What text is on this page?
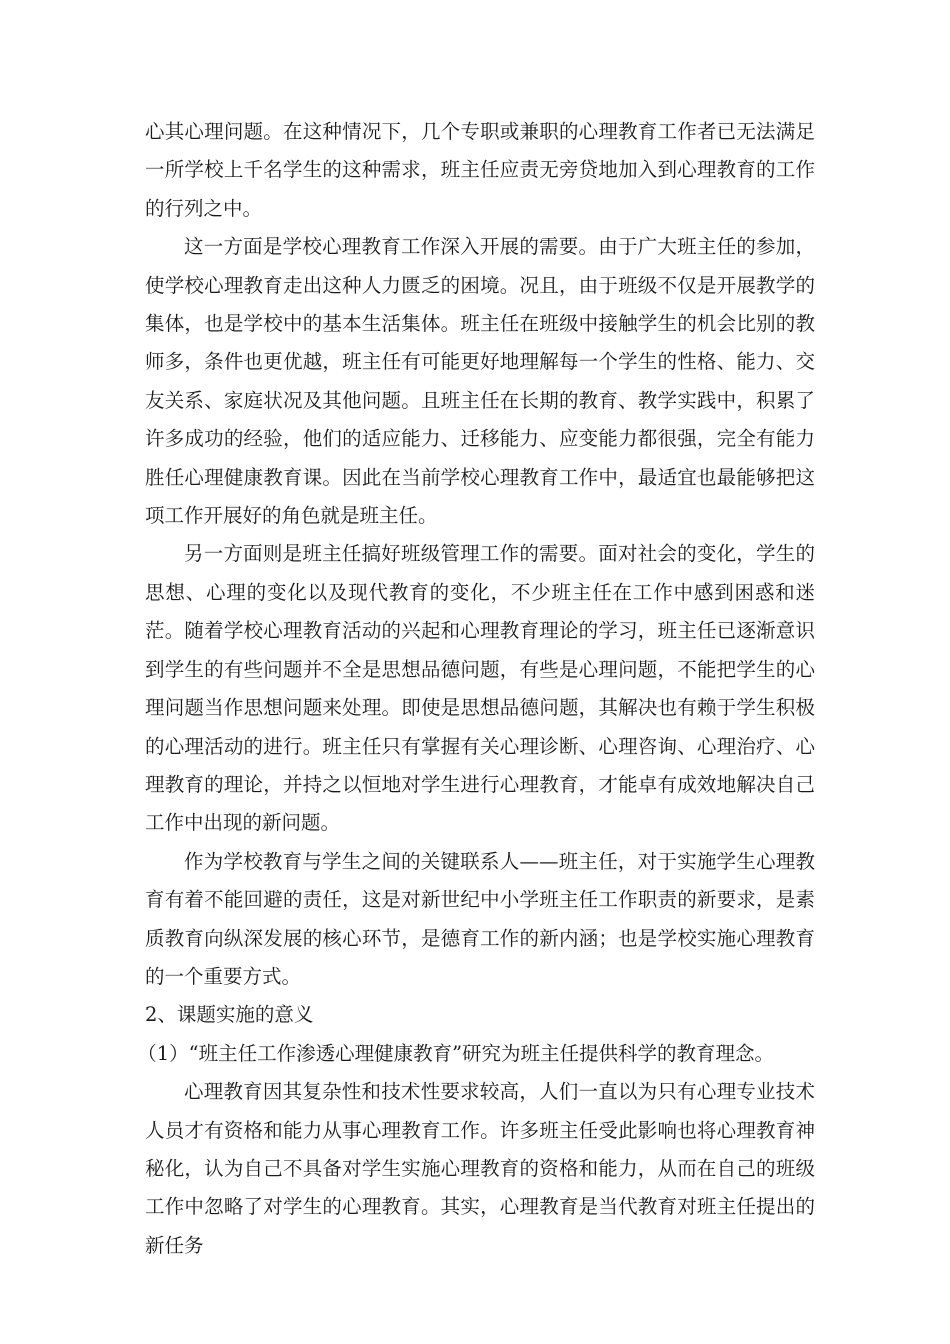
心其心理问题。在这种情况下，几个专职或兼职的心理教育工作者已无法满足一所学校上千名学生的这种需求，班主任应责无旁贷地加入到心理教育的工作的行列之中。

这一方面是学校心理教育工作深入开展的需要。由于广大班主任的参加，使学校心理教育走出这种人力匮乏的困境。况且，由于班级不仅是开展教学的集体，也是学校中的基本生活集体。班主任在班级中接触学生的机会比别的教师多，条件也更优越，班主任有可能更好地理解每一个学生的性格、能力、交友关系、家庭状况及其他问题。且班主任在长期的教育、教学实践中，积累了许多成功的经验，他们的适应能力、迁移能力、应变能力都很强，完全有能力胜任心理健康教育课。因此在当前学校心理教育工作中，最适宜也最能够把这项工作开展好的角色就是班主任。

另一方面则是班主任搞好班级管理工作的需要。面对社会的变化，学生的思想、心理的变化以及现代教育的变化，不少班主任在工作中感到困惑和迷茫。随着学校心理教育活动的兴起和心理教育理论的学习，班主任已逐渐意识到学生的有些问题并不全是思想品德问题，有些是心理问题，不能把学生的心理问题当作思想问题来处理。即使是思想品德问题，其解决也有赖于学生积极的心理活动的进行。班主任只有掌握有关心理诊断、心理咨询、心理治疗、心理教育的理论，并持之以恒地对学生进行心理教育，才能卓有成效地解决自己工作中出现的新问题。

作为学校教育与学生之间的关键联系人——班主任，对于实施学生心理教育有着不能回避的责任，这是对新世纪中小学班主任工作职责的新要求，是素质教育向纵深发展的核心环节，是德育工作的新内涵；也是学校实施心理教育的一个重要方式。

2、课题实施的意义

（1）“班主任工作渗透心理健康教育”研究为班主任提供科学的教育理念。

心理教育因其复杂性和技术性要求较高，人们一直以为只有心理专业技术人员才有资格和能力从事心理教育工作。许多班主任受此影响也将心理教育神秘化，认为自己不具备对学生实施心理教育的资格和能力，从而在自己的班级工作中忽略了对学生的心理教育。其实，心理教育是当代教育对班主任提出的新任务
